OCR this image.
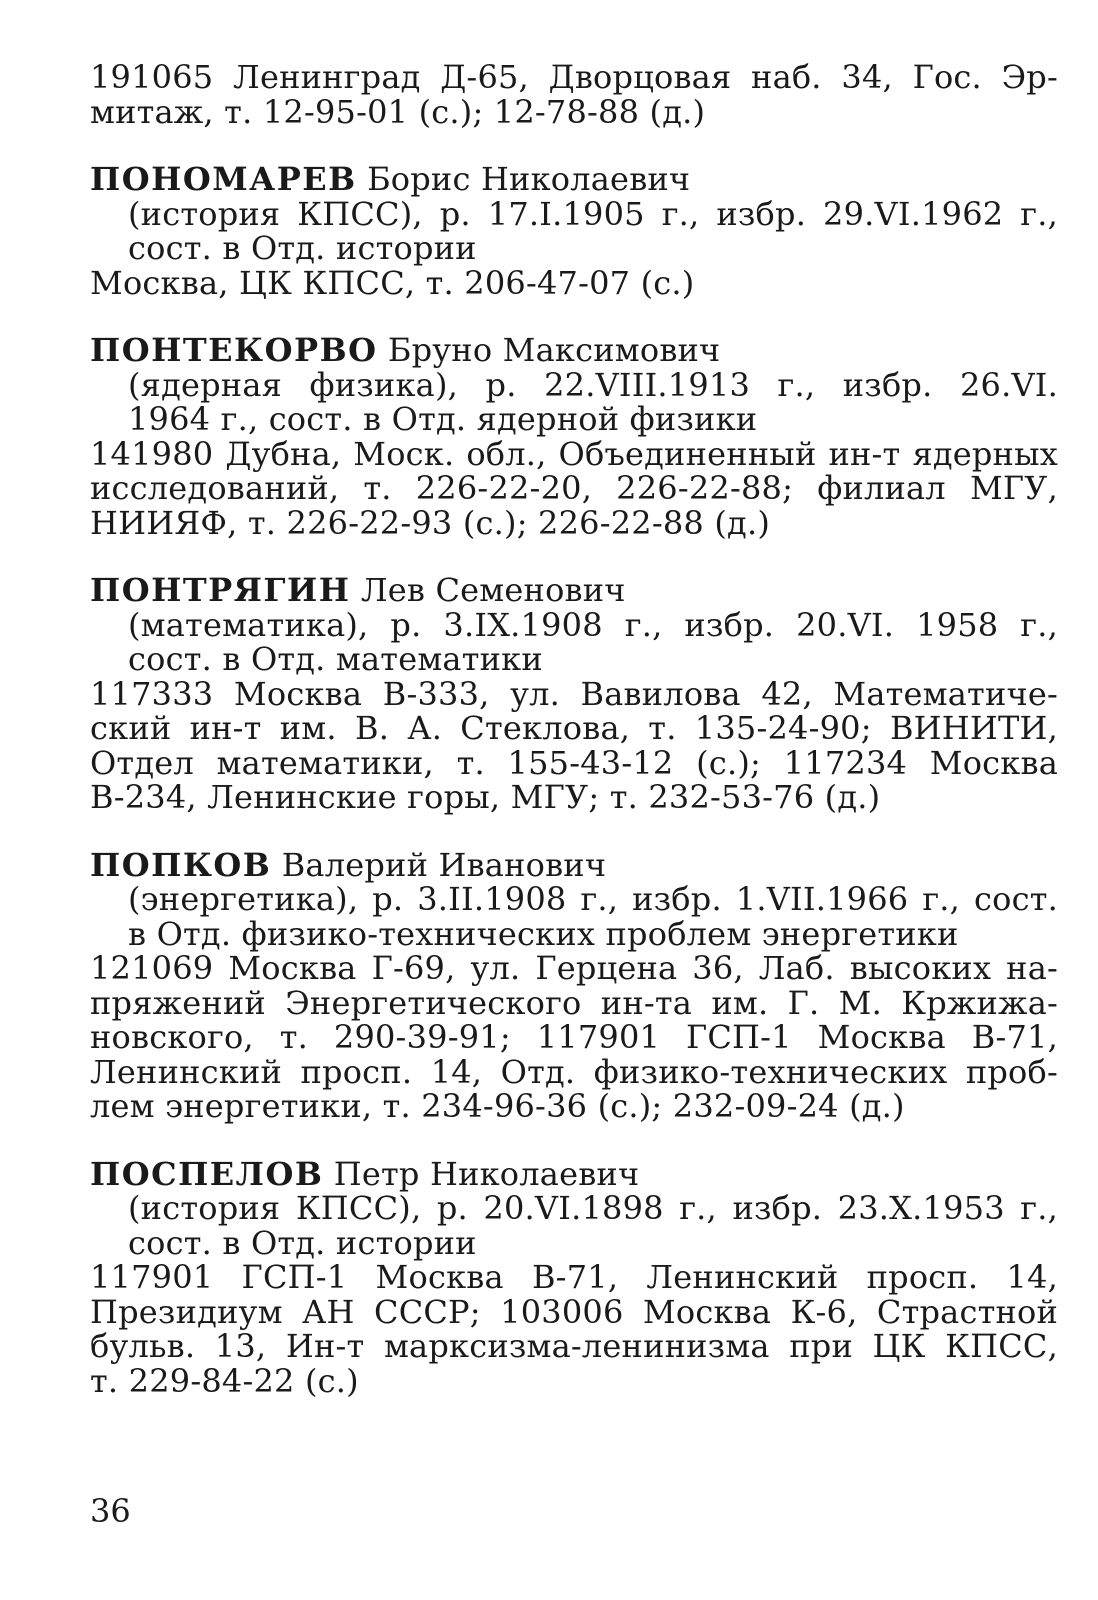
191065 Ленинград Д-65, Дворцовая наб. 34, Гос. Эр-
митаж, т. 12-95-01 (с.); 12-78-88 (д.)
ПОНОМАРЕВ Борис Николаевич
(история КПСС), р. 17.I.1905 г., избр. 29.VI.1962 г.,
сост. в Отд. истории
Москва, ЦК КПСС, т. 206-47-07 (с.)
ПОНТЕКОРВО Бруно Максимович
(ядерная физика), р. 22.VIII.1913 г., избр. 26.VI.
1964 г., сост. в Отд. ядерной физики
141980 Дубна, Моск. обл., Объединенный ин-т ядерных
исследований, т. 226-22-20, 226-22-88; филиал МГУ,
НИИЯФ, т. 226-22-93 (с.); 226-22-88 (д.)
ПОНТРЯГИН Лев Семенович
(математика), р. 3.IX.1908 г., избр. 20.VI. 1958 г.,
сост. в Отд. математики
117333 Москва В-333, ул. Вавилова 42, Математиче-
ский ин-т им. В. А. Стеклова, т. 135-24-90; ВИНИТИ,
Отдел математики, т. 155-43-12 (с.); 117234 Москва
В-234, Ленинские горы, МГУ; т. 232-53-76 (д.)
ПОПКОВ Валерий Иванович
(энергетика), р. 3.II.1908 г., избр. 1.VII.1966 г., сост.
в Отд. физико-технических проблем энергетики
121069 Москва Г-69, ул. Герцена 36, Лаб. высоких на-
пряжений Энергетического ин-та им. Г. М. Кржижа-
новского, т. 290-39-91; 117901 ГСП-1 Москва В-71,
Ленинский просп. 14, Отд. физико-технических проб-
лем энергетики, т. 234-96-36 (с.); 232-09-24 (д.)
ПОСПЕЛОВ Петр Николаевич
(история КПСС), р. 20.VI.1898 г., избр. 23.X.1953 г.,
сост. в Отд. истории
117901 ГСП-1 Москва В-71, Ленинский просп. 14,
Президиум АН СССР; 103006 Москва К-6, Страстной
бульв. 13, Ин-т марксизма-ленинизма при ЦК КПСС,
т. 229-84-22 (с.)
36
